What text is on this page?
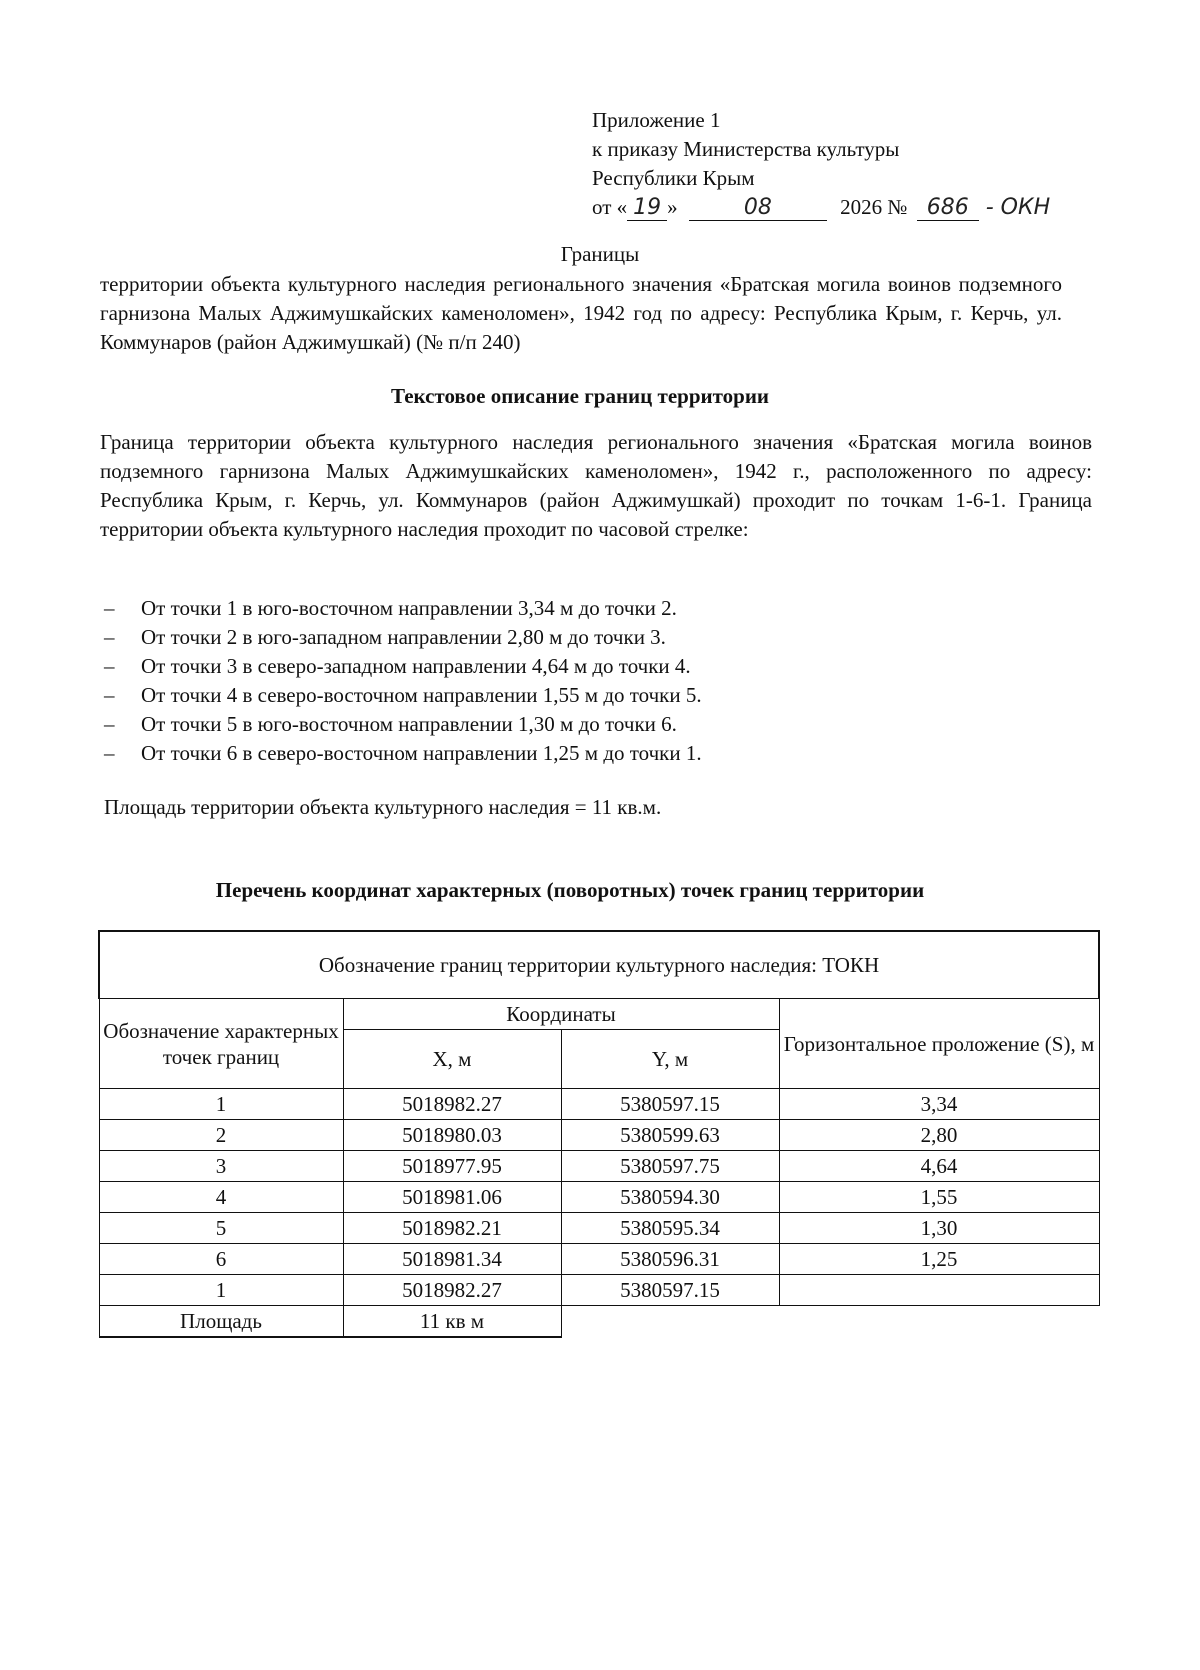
Приложение 1
к приказу Министерства культуры
Республики Крым
от « 19 »	08	2026 № 686 - ОКН
Границы
территории объекта культурного наследия регионального значения «Братская могила воинов подземного гарнизона Малых Аджимушкайских каменоломен», 1942 год по адресу: Республика Крым, г. Керчь, ул. Коммунаров (район Аджимушкай) (№ п/п 240)
Текстовое описание границ территории
Граница территории объекта культурного наследия регионального значения «Братская могила воинов подземного гарнизона Малых Аджимушкайских каменоломен», 1942 г., расположенного по адресу: Республика Крым, г. Керчь, ул. Коммунаров (район Аджимушкай) проходит по точкам 1-6-1. Граница территории объекта культурного наследия проходит по часовой стрелке:
– От точки 1 в юго-восточном направлении 3,34 м до точки 2.
– От точки 2 в юго-западном направлении 2,80 м до точки 3.
– От точки 3 в северо-западном направлении 4,64 м до точки 4.
– От точки 4 в северо-восточном направлении 1,55 м до точки 5.
– От точки 5 в юго-восточном направлении 1,30 м до точки 6.
– От точки 6 в северо-восточном направлении 1,25 м до точки 1.
Площадь территории объекта культурного наследия = 11 кв.м.
Перечень координат характерных (поворотных) точек границ территории
Обозначение границ территории культурного наследия: ТОКН			
Обозначение характерных точек границ	Координаты		Горизонтальное проложение (S), м
	X, м	Y, м	
1	5018982.27	5380597.15	3,34
2	5018980.03	5380599.63	2,80
3	5018977.95	5380597.75	4,64
4	5018981.06	5380594.30	1,55
5	5018982.21	5380595.34	1,30
6	5018981.34	5380596.31	1,25
1	5018982.27	5380597.15	
Площадь	11 кв м		
